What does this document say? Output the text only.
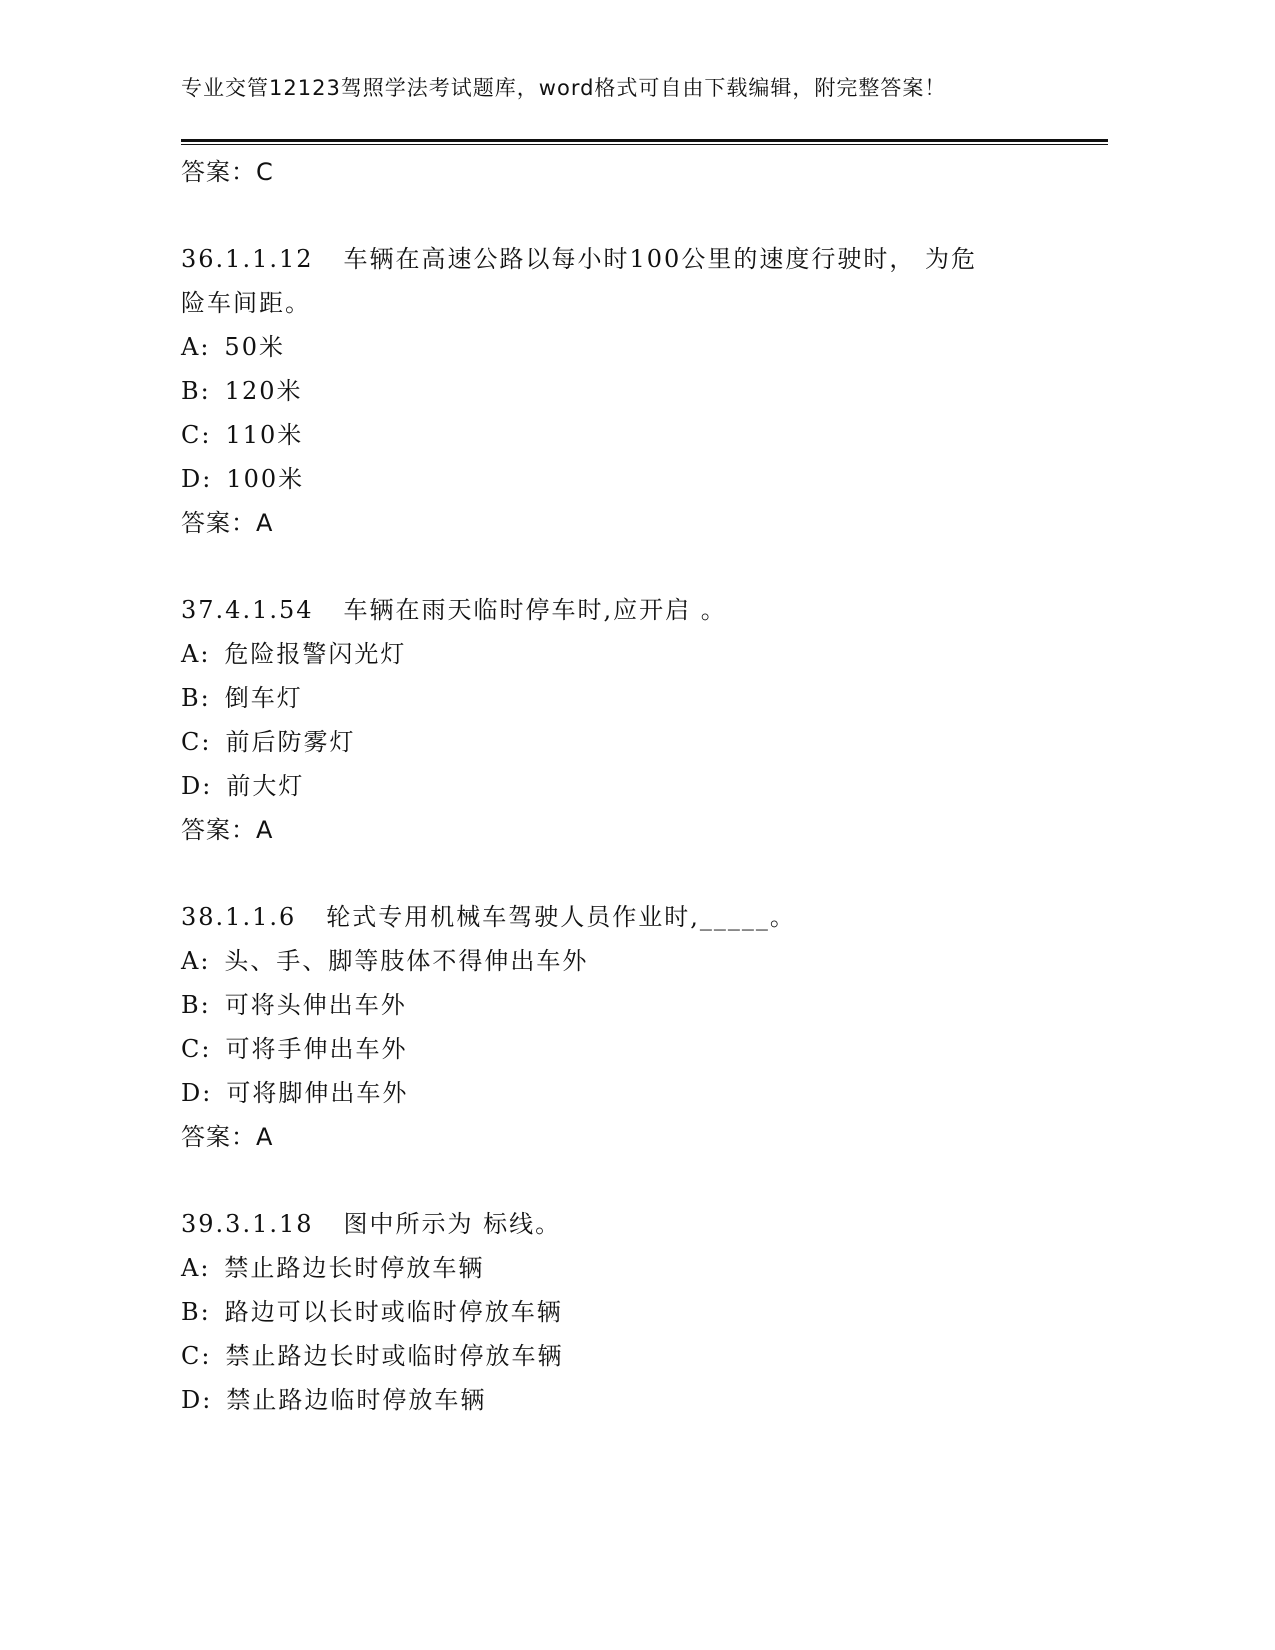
专业交管12123驾照学法考试题库，word格式可自由下载编辑，附完整答案！
答案：C
36.1.1.12 车辆在高速公路以每小时100公里的速度行驶时， 为危
险车间距。
A: 50米
B: 120米
C: 110米
D: 100米
答案：A
37.4.1.54 车辆在雨天临时停车时,应开启 。
A: 危险报警闪光灯
B: 倒车灯
C: 前后防雾灯
D: 前大灯
答案：A
38.1.1.6 轮式专用机械车驾驶人员作业时,_____。
A: 头、手、脚等肢体不得伸出车外
B: 可将头伸出车外
C: 可将手伸出车外
D: 可将脚伸出车外
答案：A
39.3.1.18 图中所示为 标线。
A: 禁止路边长时停放车辆
B: 路边可以长时或临时停放车辆
C: 禁止路边长时或临时停放车辆
D: 禁止路边临时停放车辆
